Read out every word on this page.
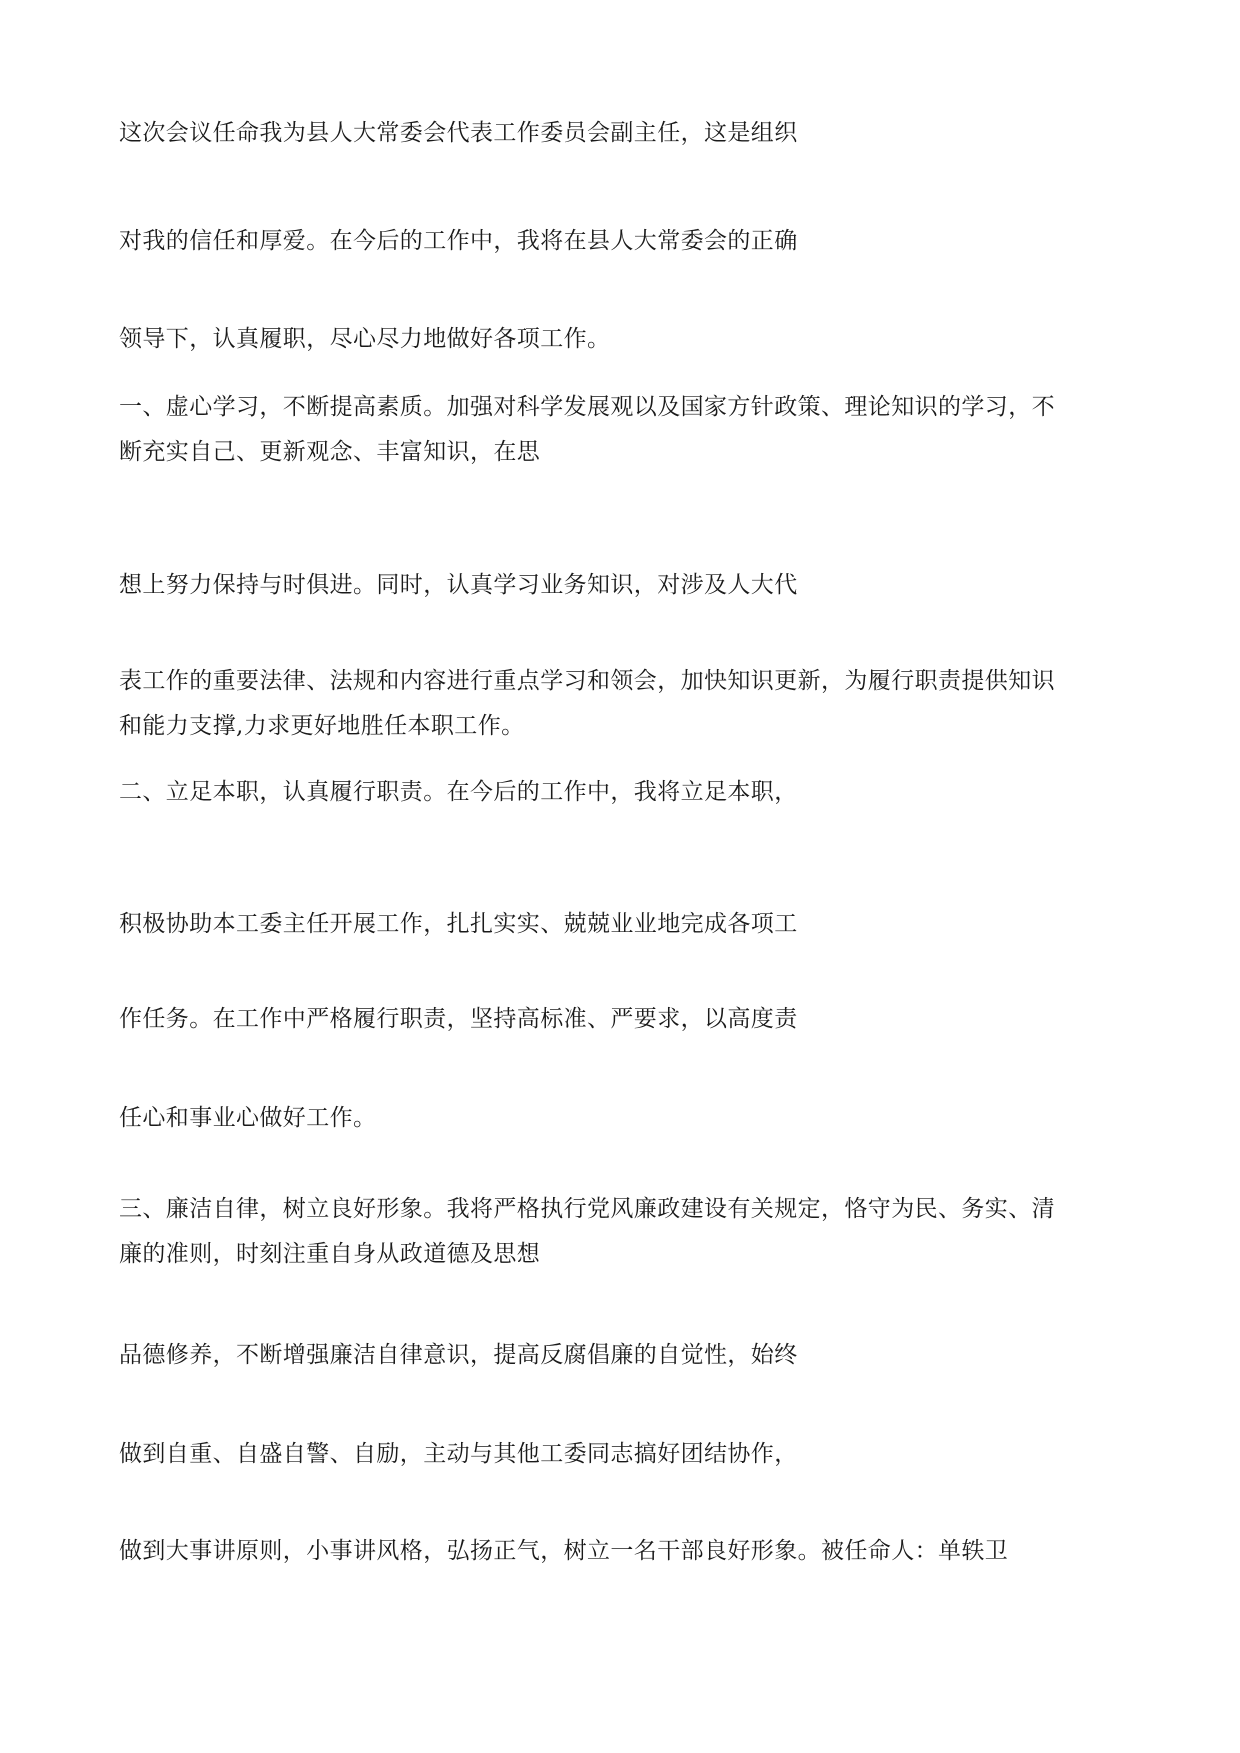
这次会议任命我为县人大常委会代表工作委员会副主任，这是组织
对我的信任和厚爱。在今后的工作中，我将在县人大常委会的正确
领导下，认真履职，尽心尽力地做好各项工作。
一、虚心学习，不断提高素质。加强对科学发展观以及国家方针政策、理论知识的学习，不
断充实自己、更新观念、丰富知识，在思
想上努力保持与时俱进。同时，认真学习业务知识，对涉及人大代
表工作的重要法律、法规和内容进行重点学习和领会，加快知识更新，为履行职责提供知识
和能力支撑,力求更好地胜任本职工作。
二、立足本职，认真履行职责。在今后的工作中，我将立足本职，
积极协助本工委主任开展工作，扎扎实实、兢兢业业地完成各项工
作任务。在工作中严格履行职责，坚持高标准、严要求，以高度责
任心和事业心做好工作。
三、廉洁自律，树立良好形象。我将严格执行党风廉政建设有关规定，恪守为民、务实、清
廉的准则，时刻注重自身从政道德及思想
品德修养，不断增强廉洁自律意识，提高反腐倡廉的自觉性，始终
做到自重、自盛自警、自励，主动与其他工委同志搞好团结协作，
做到大事讲原则，小事讲风格，弘扬正气，树立一名干部良好形象。被任命人：单轶卫
